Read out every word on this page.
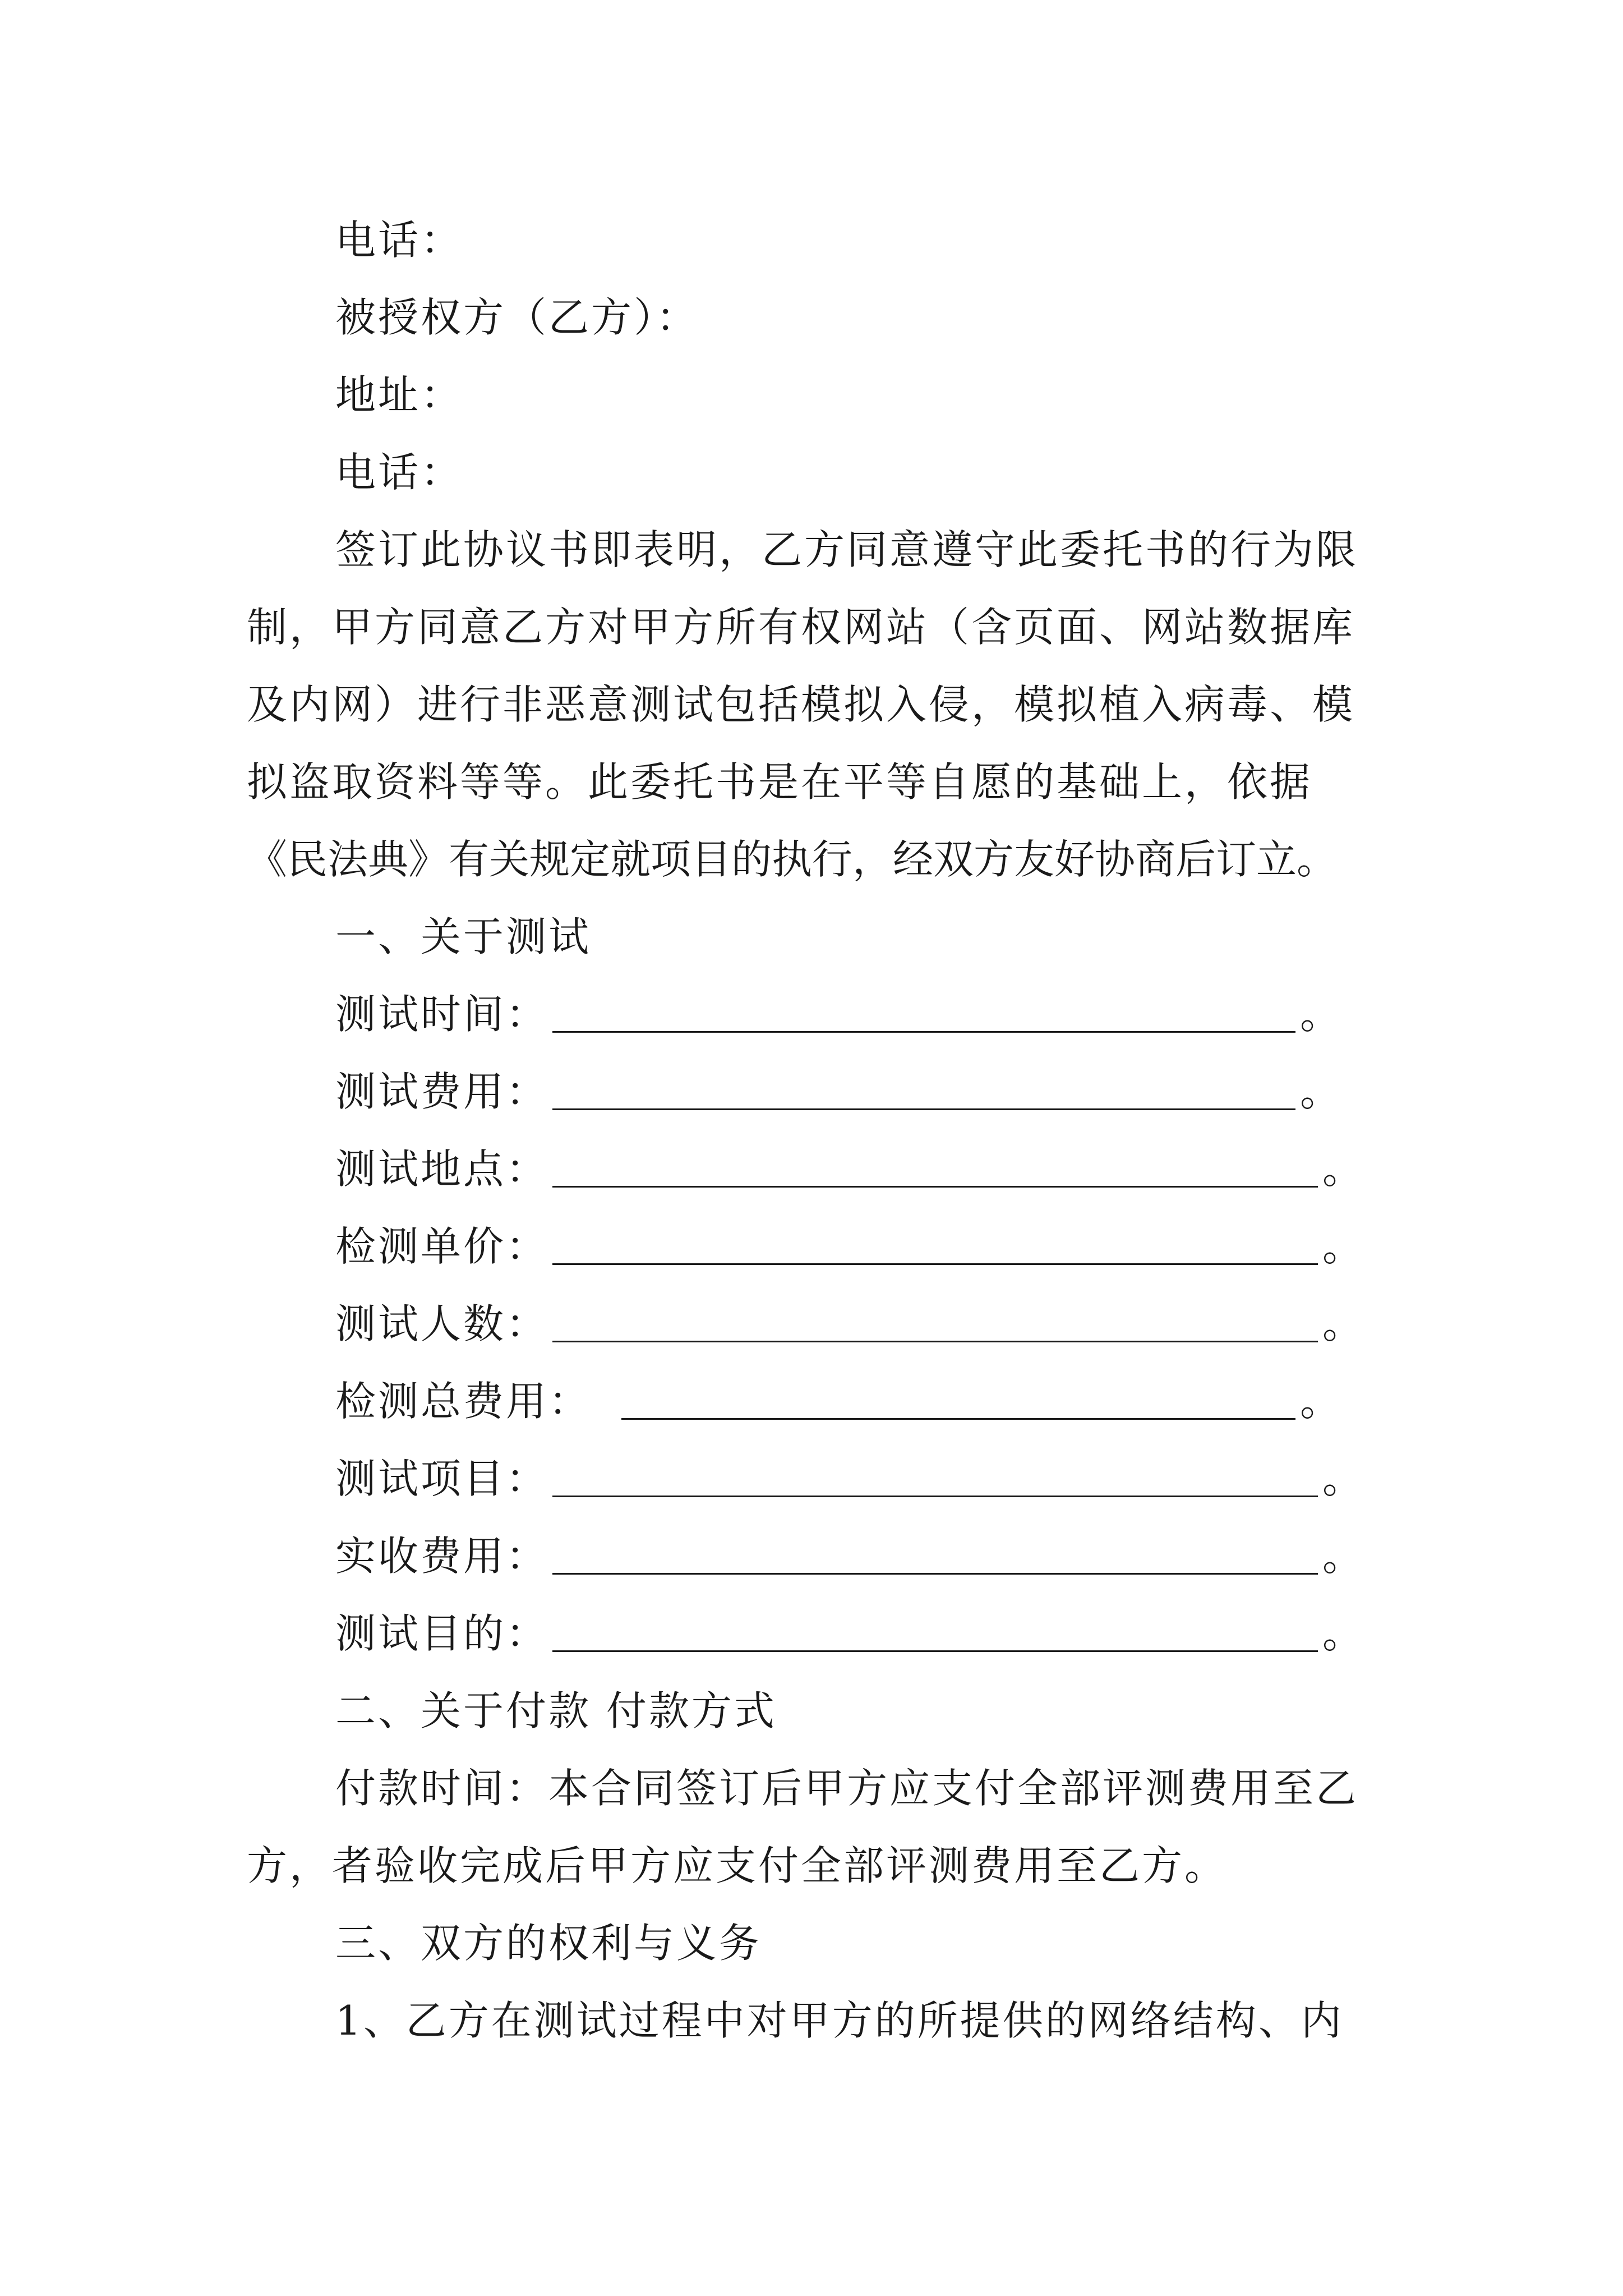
电话：
被授权方（乙方）：
地址：
电话：
签订此协议书即表明，乙方同意遵守此委托书的行为限
制，甲方同意乙方对甲方所有权网站（含页面、网站数据库
及内网）进行非恶意测试包括模拟入侵，模拟植入病毒、模
拟盗取资料等等。此委托书是在平等自愿的基础上，依据
《民法典》有关规定就项目的执行，经双方友好协商后订立。
一、关于测试
测试时间：	。
测试费用：	。
测试地点：	。
检测单价：	。
测试人数：	。
检测总费用：	。
测试项目：	。
实收费用：	。
测试目的：	。
二、关于付款 付款方式
付款时间：本合同签订后甲方应支付全部评测费用至乙
方，者验收完成后甲方应支付全部评测费用至乙方。
三、双方的权利与义务
1、乙方在测试过程中对甲方的所提供的网络结构、内
